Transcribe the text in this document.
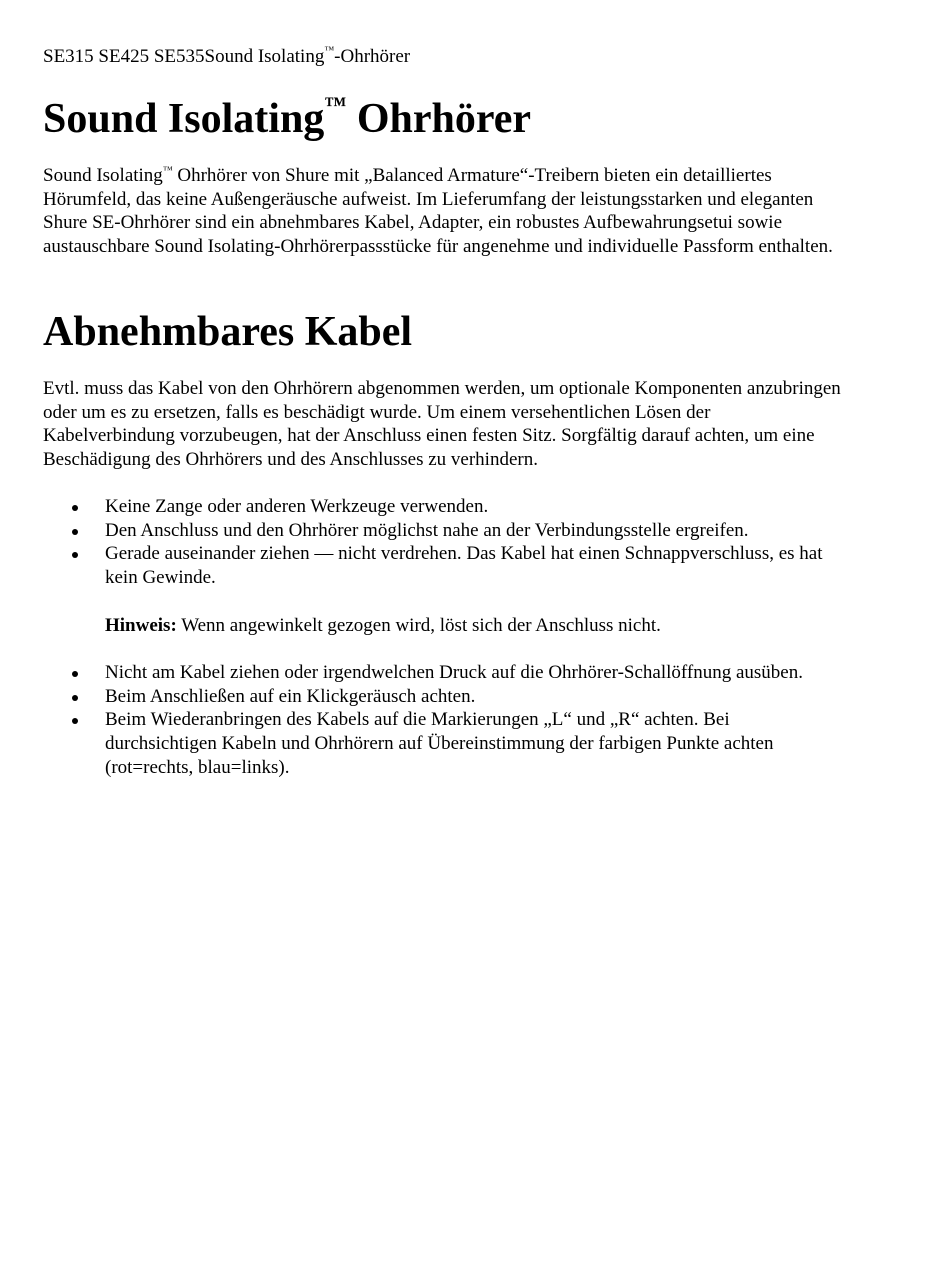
SE315 SE425 SE535Sound Isolating™-Ohrhörer
Sound Isolating™ Ohrhörer

Sound Isolating™ Ohrhörer von Shure mit „Balanced Armature“-Treibern bieten ein detailliertes Hörumfeld, das keine Außengeräusche aufweist. Im Lieferumfang der leistungsstarken und eleganten Shure SE-Ohrhörer sind ein abnehmbares Kabel, Adapter, ein robustes Aufbewahrungsetui sowie austauschbare Sound Isolating-Ohrhörerpassstücke für angenehme und individuelle Passform enthalten.

Abnehmbares Kabel

Evtl. muss das Kabel von den Ohrhörern abgenommen werden, um optionale Komponenten anzubringen oder um es zu ersetzen, falls es beschädigt wurde. Um einem versehentlichen Lösen der Kabelverbindung vorzubeugen, hat der Anschluss einen festen Sitz. Sorgfältig darauf achten, um eine Beschädigung des Ohrhörers und des Anschlusses zu verhindern.

Keine Zange oder anderen Werkzeuge verwenden.
Den Anschluss und den Ohrhörer möglichst nahe an der Verbindungsstelle ergreifen.
Gerade auseinander ziehen — nicht verdrehen. Das Kabel hat einen Schnappverschluss, es hat kein Gewinde.

Hinweis: Wenn angewinkelt gezogen wird, löst sich der Anschluss nicht.

Nicht am Kabel ziehen oder irgendwelchen Druck auf die Ohrhörer-Schallöffnung ausüben.
Beim Anschließen auf ein Klickgeräusch achten.
Beim Wiederanbringen des Kabels auf die Markierungen „L“ und „R“ achten. Bei durchsichtigen Kabeln und Ohrhörern auf Übereinstimmung der farbigen Punkte achten (rot=rechts, blau=links).
